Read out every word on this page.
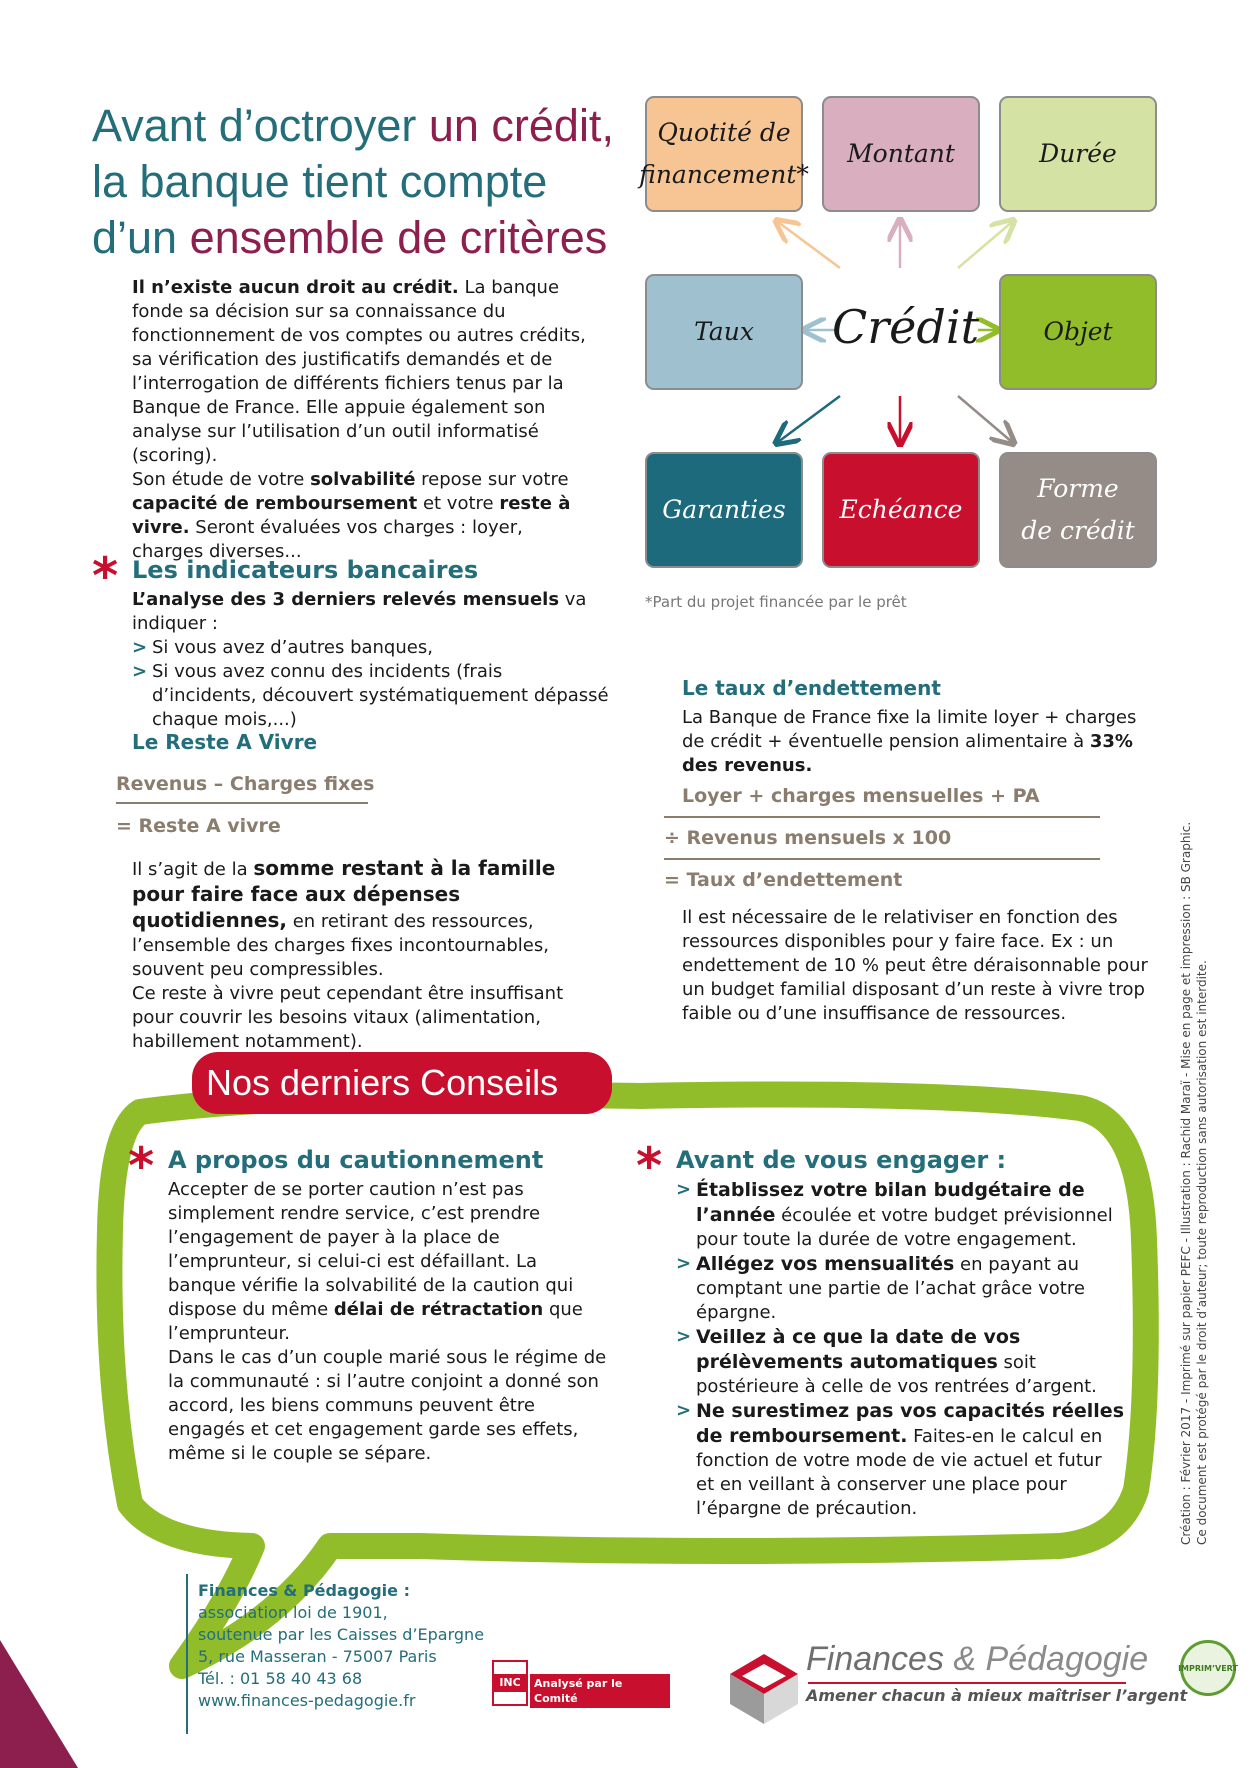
Avant d’octroyer un crédit,
la banque tient compte
d’un ensemble de critères

Il n’existe aucun droit au crédit. La banque fonde sa décision sur sa connaissance du fonctionnement de vos comptes ou autres crédits, sa vérification des justificatifs demandés et de l’interrogation de différents fichiers tenus par la Banque de France. Elle appuie également son analyse sur l’utilisation d’un outil informatisé (scoring).

Son étude de votre solvabilité repose sur votre capacité de remboursement et votre reste à vivre. Seront évaluées vos charges : loyer, charges diverses...

* Les indicateurs bancaires

L’analyse des 3 derniers relevés mensuels va indiquer :

> Si vous avez d’autres banques,
> Si vous avez connu des incidents (frais d’incidents, découvert systématiquement dépassé chaque mois,...)
Le Reste A Vivre
Revenus – Charges fixes
= Reste A vivre

Il s’agit de la somme restant à la famille pour faire face aux dépenses quotidiennes, en retirant des ressources, l’ensemble des charges fixes incontournables, souvent peu compressibles.

Ce reste à vivre peut cependant être insuffisant pour couvrir les besoins vitaux (alimentation, habillement notamment).

Quotité de
financement*
Montant	Durée
Taux Crédit	Objet
Garanties Echéance
Forme
de crédit
*Part du projet financée par le prêt
Le taux d’endettement

La Banque de France fixe la limite loyer + charges de crédit + éventuelle pension alimentaire à 33% des revenus.

Loyer + charges mensuelles + PA
÷ Revenus mensuels x 100
= Taux d’endettement

Il est nécessaire de le relativiser en fonction des ressources disponibles pour y faire face. Ex : un endettement de 10 % peut être déraisonnable pour un budget familial disposant d’un reste à vivre trop faible ou d’une insuffisance de ressources.

Nos derniers Conseils
* A propos du cautionnement

Accepter de se porter caution n’est pas simplement rendre service, c’est prendre l’engagement de payer à la place de l’emprunteur, si celui-ci est défaillant. La banque vérifie la solvabilité de la caution qui dispose du même délai de rétractation que l’emprunteur.

Dans le cas d’un couple marié sous le régime de la communauté : si l’autre conjoint a donné son accord, les biens communs peuvent être engagés et cet engagement garde ses effets, même si le couple se sépare.

* Avant de vous engager :
> Établissez votre bilan budgétaire de l’année écoulée et votre budget prévisionnel pour toute la durée de votre engagement.
> Allégez vos mensualités en payant au comptant une partie de l’achat grâce votre épargne.
> Veillez à ce que la date de vos prélèvements automatiques soit postérieure à celle de vos rentrées d’argent.
> Ne surestimez pas vos capacités réelles de remboursement. Faites-en le calcul en fonction de votre mode de vie actuel et futur et en veillant à conserver une place pour l’épargne de précaution.
Finances & Pédagogie :
association loi de 1901,
soutenue par les Caisses d’Epargne
5, rue Masseran - 75007 Paris
Tél. : 01 58 40 43 68
www.finances-pedagogie.fr
INC	Analysé par le Comité
Paritaire d’Evaluation (CPE)
Finances & Pédagogie
Amener chacun à mieux maîtriser l’argent
IMPRIM’VERT
Création : Février 2017 - Imprimé sur papier PEFC - Illustration : Rachid Maraï - Mise en page et impression : SB Graphic. Ce document est protégé par le droit d’auteur; toute reproduction sans autorisation est interdite.
